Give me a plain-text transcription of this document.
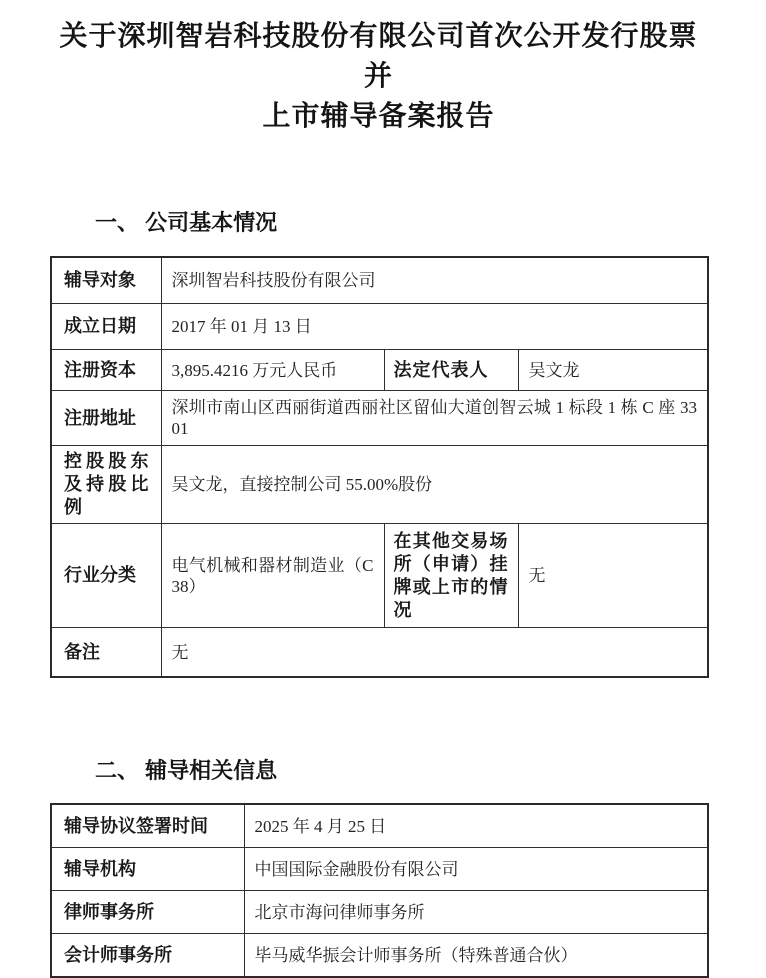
关于深圳智岩科技股份有限公司首次公开发行股票并
上市辅导备案报告
一、 公司基本情况
辅导对象	深圳智岩科技股份有限公司		
成立日期	2017 年 01 月 13 日		
注册资本	3,895.4216 万元人民币	法定代表人	吴文龙
注册地址	深圳市南山区西丽街道西丽社区留仙大道创智云城 1 标段 1 栋 C 座 3301		
控股股东及持股比例	吴文龙，直接控制公司 55.00%股份		
行业分类	电气机械和器材制造业（C38）	在其他交易场所（申请）挂牌或上市的情况	无
备注	无		
二、 辅导相关信息
辅导协议签署时间	2025 年 4 月 25 日
辅导机构	中国国际金融股份有限公司
律师事务所	北京市海问律师事务所
会计师事务所	毕马威华振会计师事务所（特殊普通合伙）
